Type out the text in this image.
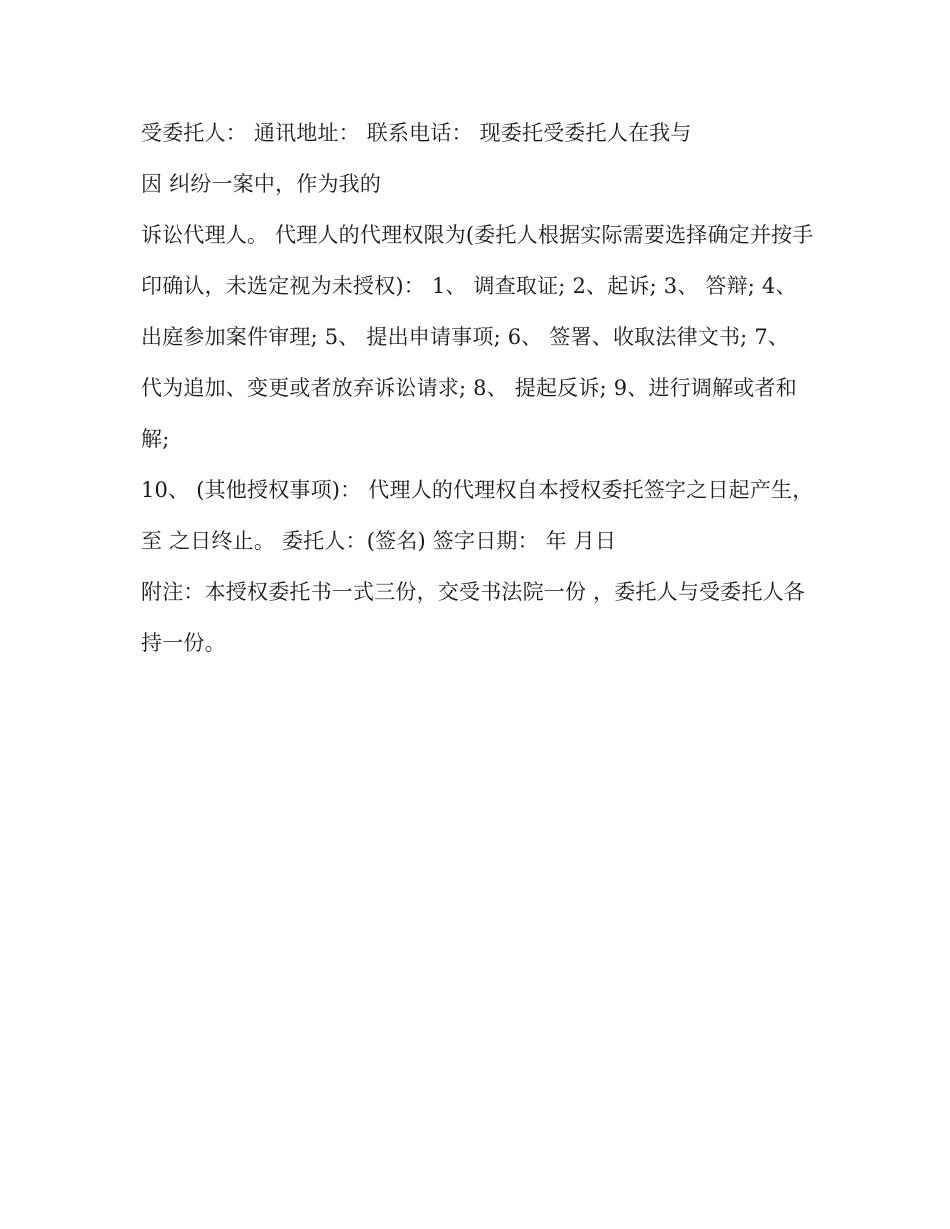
受委托人： 通讯地址： 联系电话： 现委托受委托人在我与

因 纠纷一案中，作为我的

诉讼代理人。 代理人的代理权限为(委托人根据实际需要选择确定并按手印确认，未选定视为未授权)： 1、 调查取证; 2、起诉; 3、 答辩; 4、

出庭参加案件审理; 5、 提出申请事项; 6、 签署、收取法律文书; 7、 代为追加、变更或者放弃诉讼请求; 8、 提起反诉; 9、进行调解或者和解;

10、 (其他授权事项)： 代理人的代理权自本授权委托签字之日起产生，至 之日终止。 委托人：(签名) 签字日期： 年 月日

附注：本授权委托书一式三份，交受书法院一份 ，委托人与受委托人各持一份。
